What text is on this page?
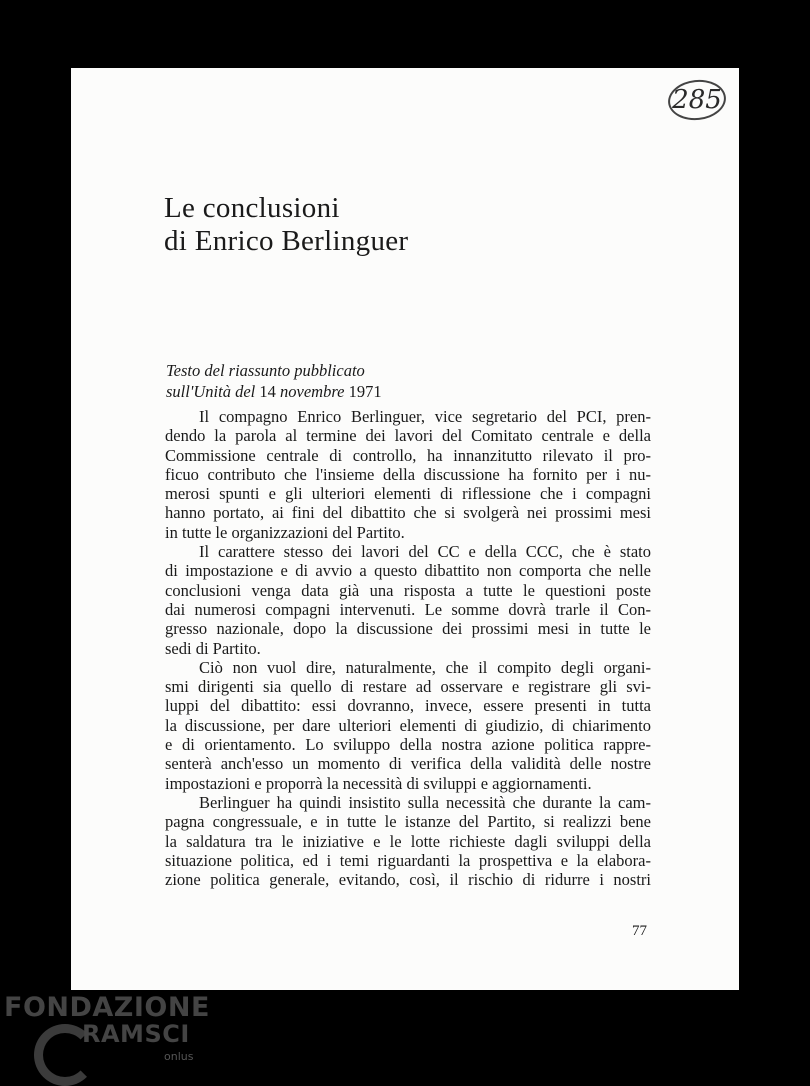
285
Le conclusioni
di Enrico Berlinguer
Testo del riassunto pubblicato
sull'Unità del 14 novembre 1971

Il compagno Enrico Berlinguer, vice segretario del PCI, pren-
dendo la parola al termine dei lavori del Comitato centrale e della
Commissione centrale di controllo, ha innanzitutto rilevato il pro-
ficuo contributo che l'insieme della discussione ha fornito per i nu-
merosi spunti e gli ulteriori elementi di riflessione che i compagni
hanno portato, ai fini del dibattito che si svolgerà nei prossimi mesi
in tutte le organizzazioni del Partito.

Il carattere stesso dei lavori del CC e della CCC, che è stato
di impostazione e di avvio a questo dibattito non comporta che nelle
conclusioni venga data già una risposta a tutte le questioni poste
dai numerosi compagni intervenuti. Le somme dovrà trarle il Con-
gresso nazionale, dopo la discussione dei prossimi mesi in tutte le
sedi di Partito.

Ciò non vuol dire, naturalmente, che il compito degli organi-
smi dirigenti sia quello di restare ad osservare e registrare gli svi-
luppi del dibattito: essi dovranno, invece, essere presenti in tutta
la discussione, per dare ulteriori elementi di giudizio, di chiarimento
e di orientamento. Lo sviluppo della nostra azione politica rappre-
senterà anch'esso un momento di verifica della validità delle nostre
impostazioni e proporrà la necessità di sviluppi e aggiornamenti.

Berlinguer ha quindi insistito sulla necessità che durante la cam-
pagna congressuale, e in tutte le istanze del Partito, si realizzi bene
la saldatura tra le iniziative e le lotte richieste dagli sviluppi della
situazione politica, ed i temi riguardanti la prospettiva e la elabora-
zione politica generale, evitando, così, il rischio di ridurre i nostri

77
FONDAZIONE
RAMSCI
onlus
